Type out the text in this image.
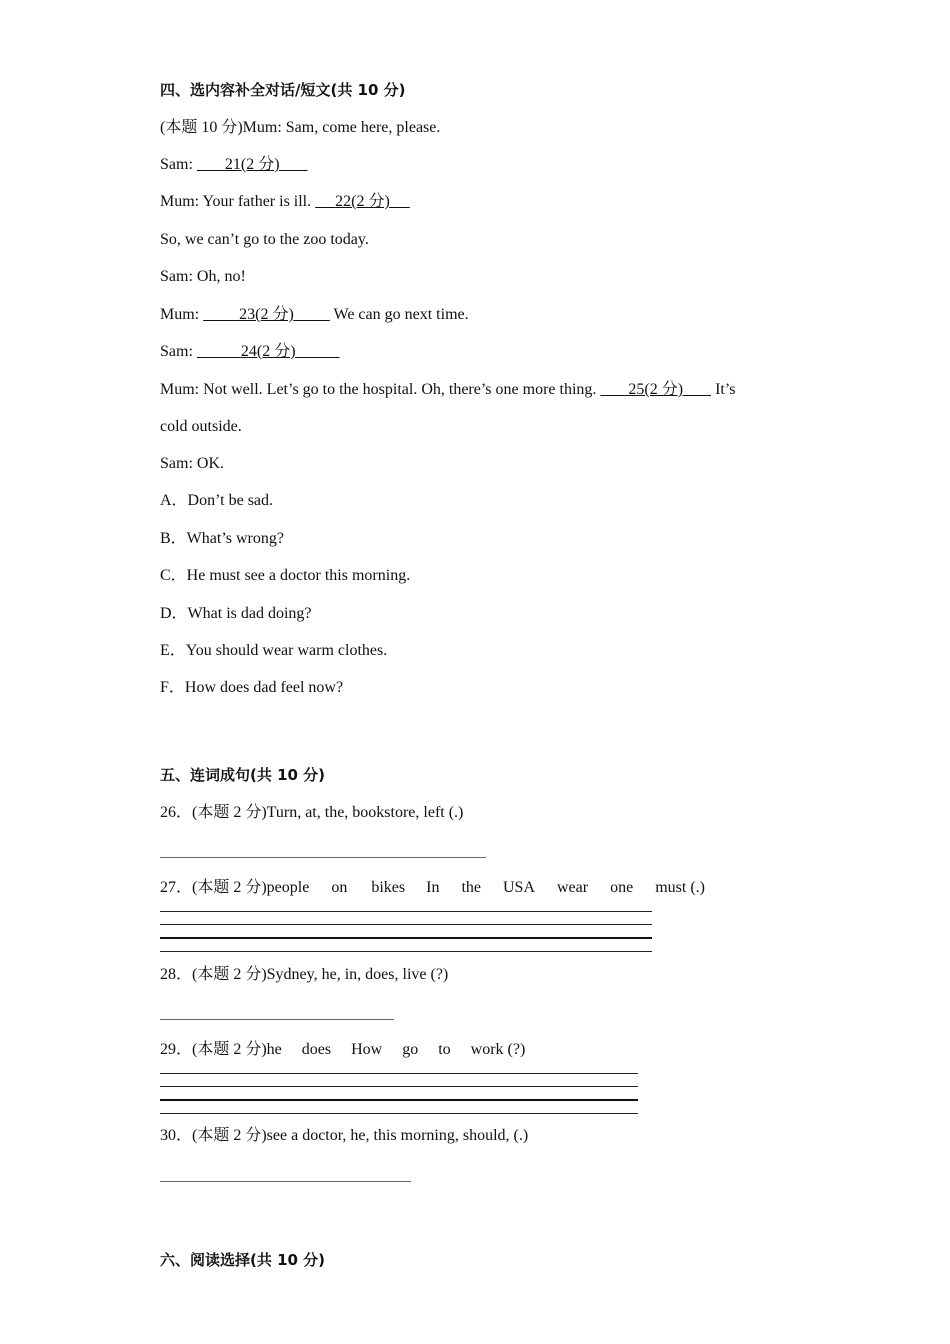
四、选内容补全对话/短文(共 10 分)
(本题 10 分)Mum: Sam, come here, please.
Sam: 21(2 分)
Mum: Your father is ill.      22(2 分)
So, we can’t go to the zoo today.
Sam: Oh, no!
Mum:	23(2 分)          We can go next time.
Sam:	24(2 分)
Mum: Not well. Let’s go to the hospital. Oh, there’s one more thing.        25(2 分)        It’s
cold outside.
Sam: OK.
A．Don’t be sad.
B．What’s wrong?
C．He must see a doctor this morning.
D．What is dad doing?
E．You should wear warm clothes.
F．How does dad feel now?
五、连词成句(共 10 分)
26．(本题 2 分)Turn, at, the, bookstore, left (.)
27．(本题 2 分)people on bikes In the USA wear one must (.)
28．(本题 2 分)Sydney, he, in, does, live (?)
29．(本题 2 分)he does How go to work (?)
30．(本题 2 分)see a doctor, he, this morning, should, (.)
六、阅读选择(共 10 分)
